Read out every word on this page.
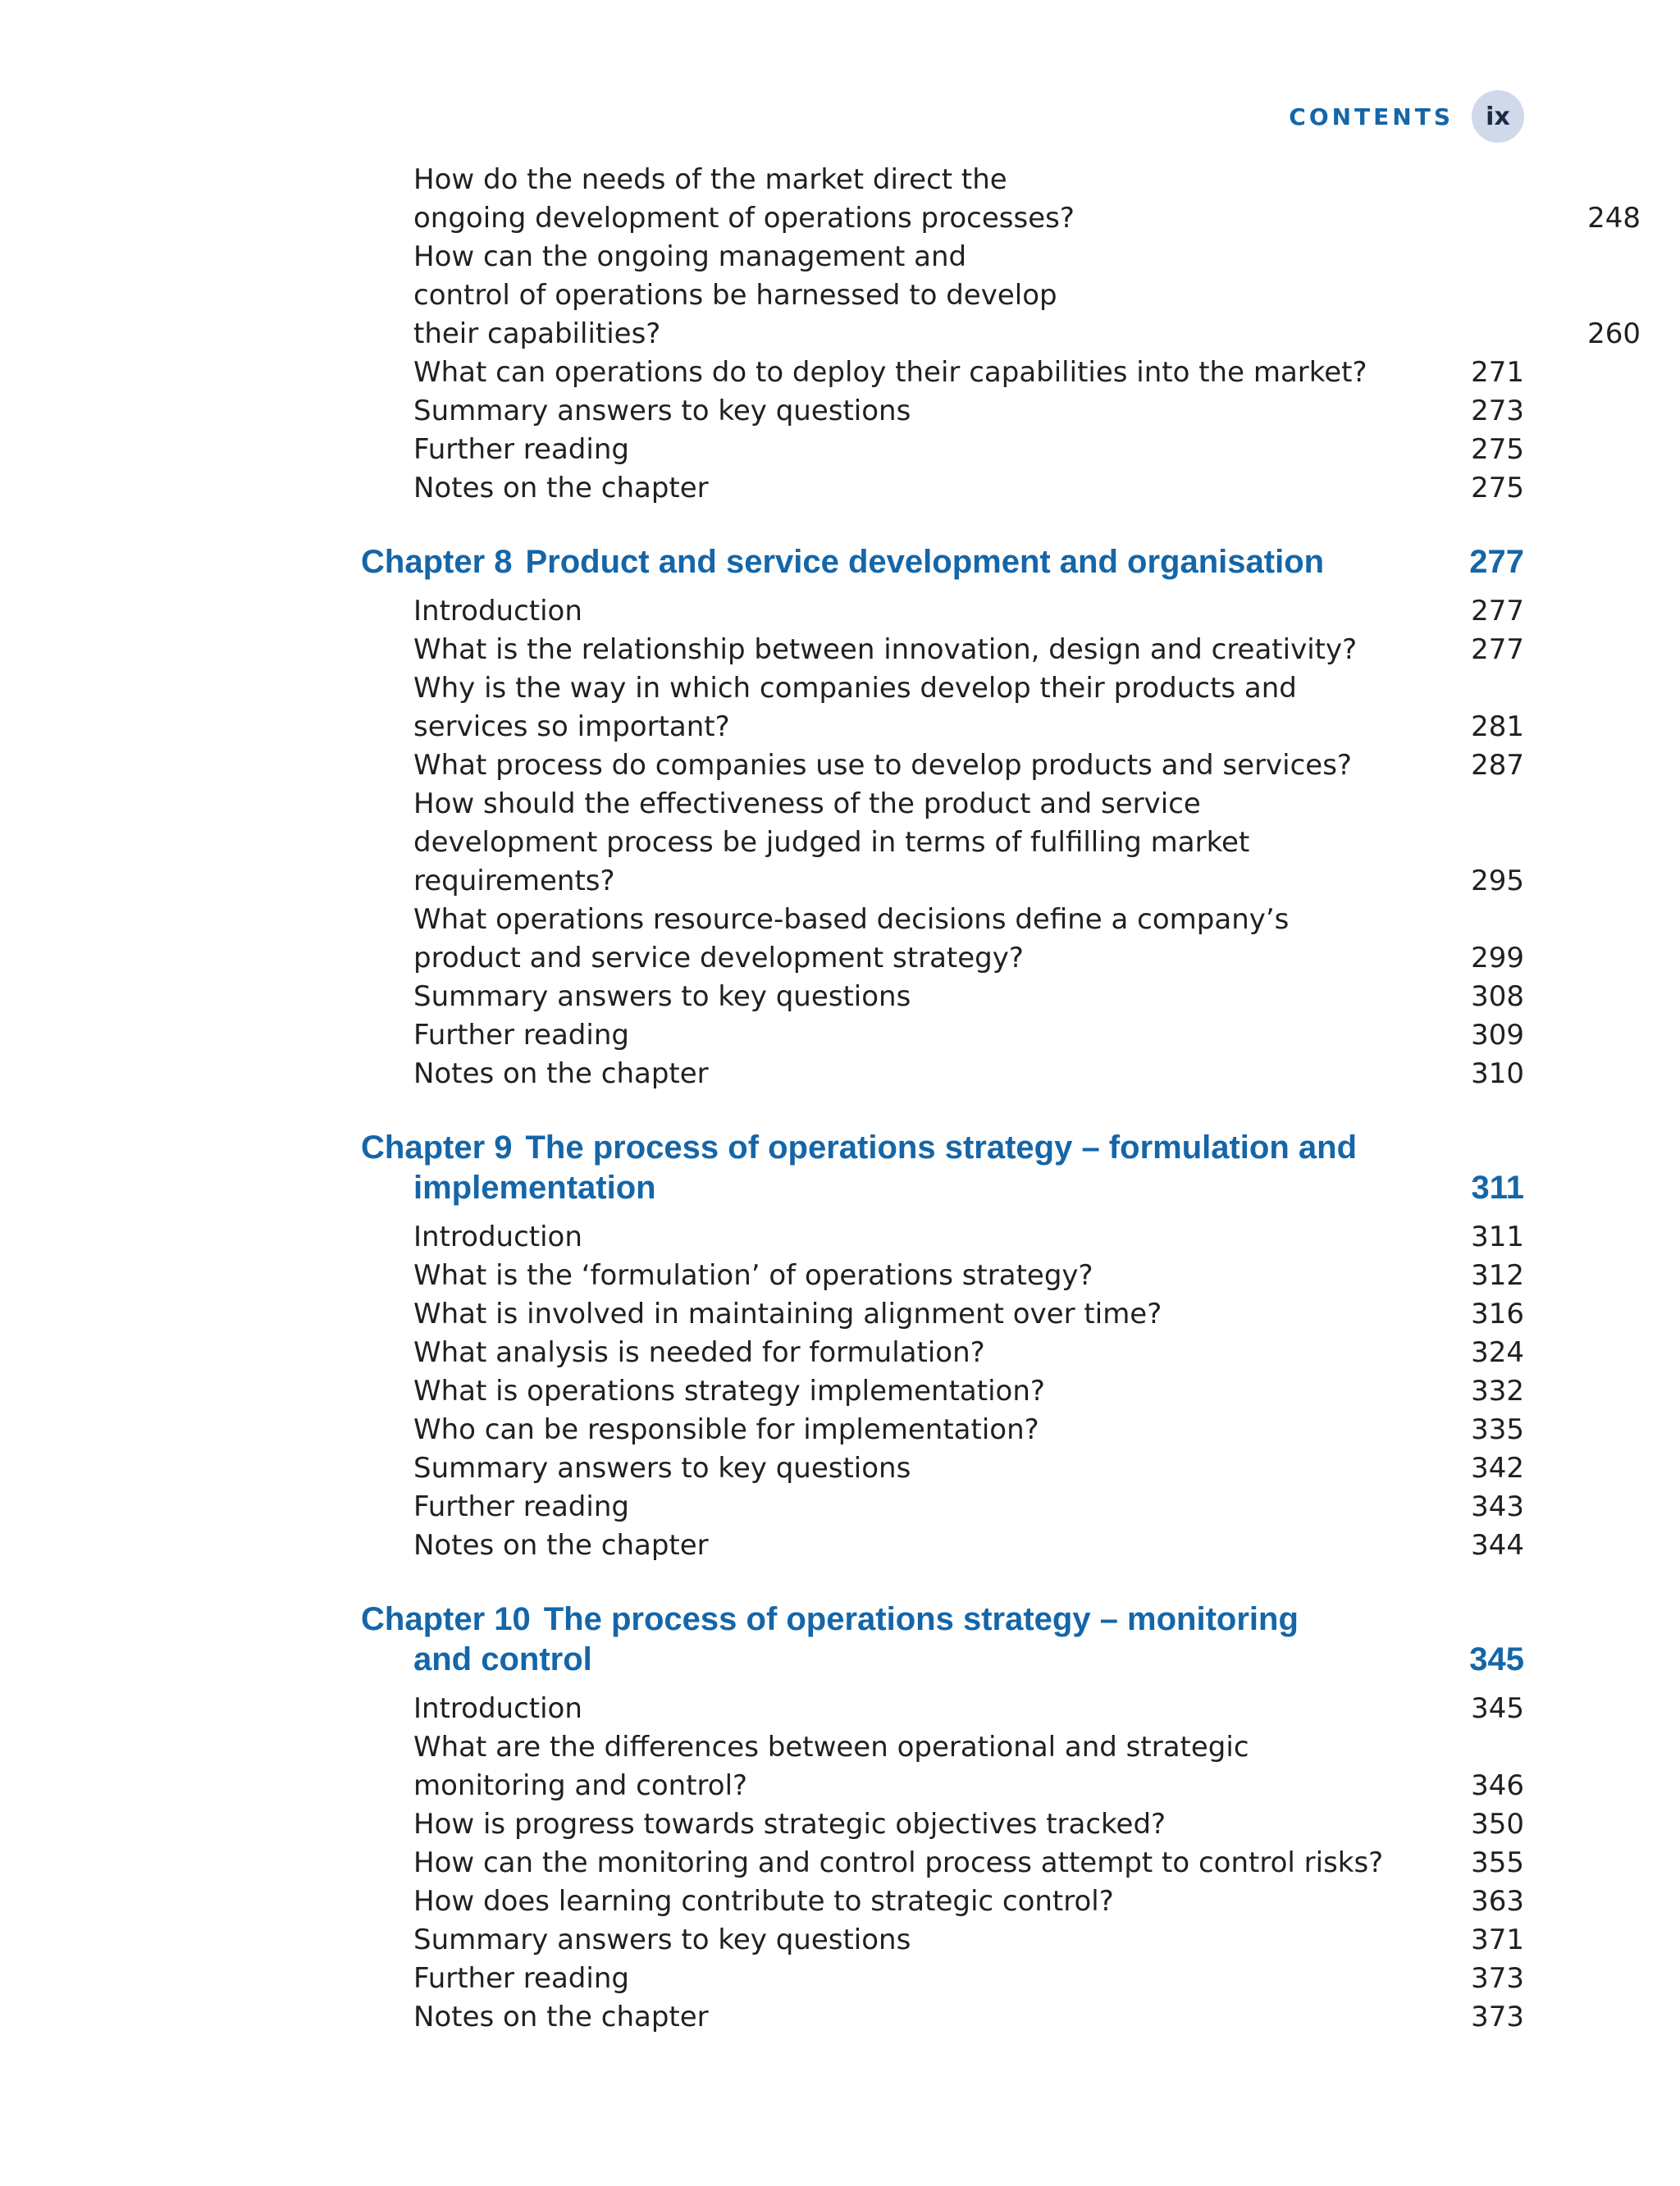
CONTENTS	ix
How do the needs of the market direct the ongoing development of operations processes?	248
How can the ongoing management and control of operations be harnessed to develop their capabilities?	260
What can operations do to deploy their capabilities into the market?	271
Summary answers to key questions	273
Further reading	275
Notes on the chapter	275
Chapter 8 Product and service development and organisation	277
Introduction	277
What is the relationship between innovation, design and creativity?	277
Why is the way in which companies develop their products and services so important?	281
What process do companies use to develop products and services?	287
How should the effectiveness of the product and service development process be judged in terms of fulfilling market requirements?	295
What operations resource-based decisions define a company’s product and service development strategy?	299
Summary answers to key questions	308
Further reading	309
Notes on the chapter	310
Chapter 9 The process of operations strategy – formulation and implementation	311
Introduction	311
What is the ‘formulation’ of operations strategy?	312
What is involved in maintaining alignment over time?	316
What analysis is needed for formulation?	324
What is operations strategy implementation?	332
Who can be responsible for implementation?	335
Summary answers to key questions	342
Further reading	343
Notes on the chapter	344
Chapter 10 The process of operations strategy – monitoring and control	345
Introduction	345
What are the differences between operational and strategic monitoring and control?	346
How is progress towards strategic objectives tracked?	350
How can the monitoring and control process attempt to control risks?	355
How does learning contribute to strategic control?	363
Summary answers to key questions	371
Further reading	373
Notes on the chapter	373
